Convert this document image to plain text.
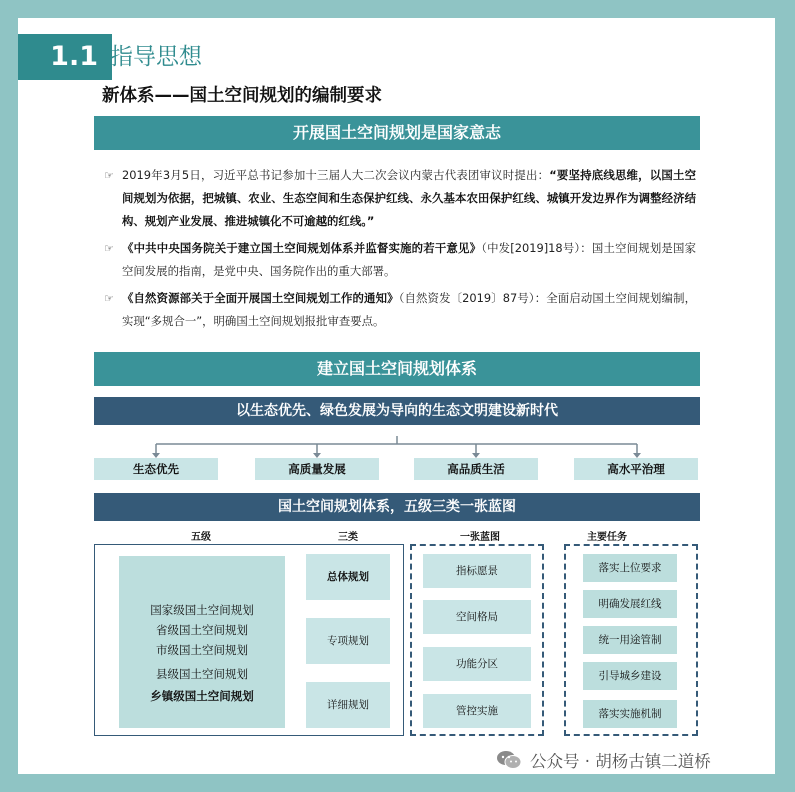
1.1 指导思想
新体系——国土空间规划的编制要求
开展国土空间规划是国家意志
☞ 2019年3月5日，习近平总书记参加十三届人大二次会议内蒙古代表团审议时提出：“要坚持底线思维，以国土空间规划为依据，把城镇、农业、生态空间和生态保护红线、永久基本农田保护红线、城镇开发边界作为调整经济结构、规划产业发展、推进城镇化不可逾越的红线。”
☞ 《中共中央国务院关于建立国土空间规划体系并监督实施的若干意见》（中发[2019]18号）：国土空间规划是国家空间发展的指南，是党中央、国务院作出的重大部署。
☞ 《自然资源部关于全面开展国土空间规划工作的通知》（自然资发〔2019〕87号）：全面启动国土空间规划编制，实现“多规合一”，明确国土空间规划报批审查要点。
建立国土空间规划体系
以生态优先、绿色发展为导向的生态文明建设新时代
生态优先	高质量发展	高品质生活	高水平治理
国土空间规划体系，五级三类一张蓝图
五级	三类	一张蓝图	主要任务
国家级国土空间规划
省级国土空间规划
市级国土空间规划
县级国土空间规划
乡镇级国土空间规划
总体规划
专项规划
详细规划
指标愿景
空间格局
功能分区
管控实施
落实上位要求
明确发展红线
统一用途管制
引导城乡建设
落实实施机制
公众号 · 胡杨古镇二道桥
